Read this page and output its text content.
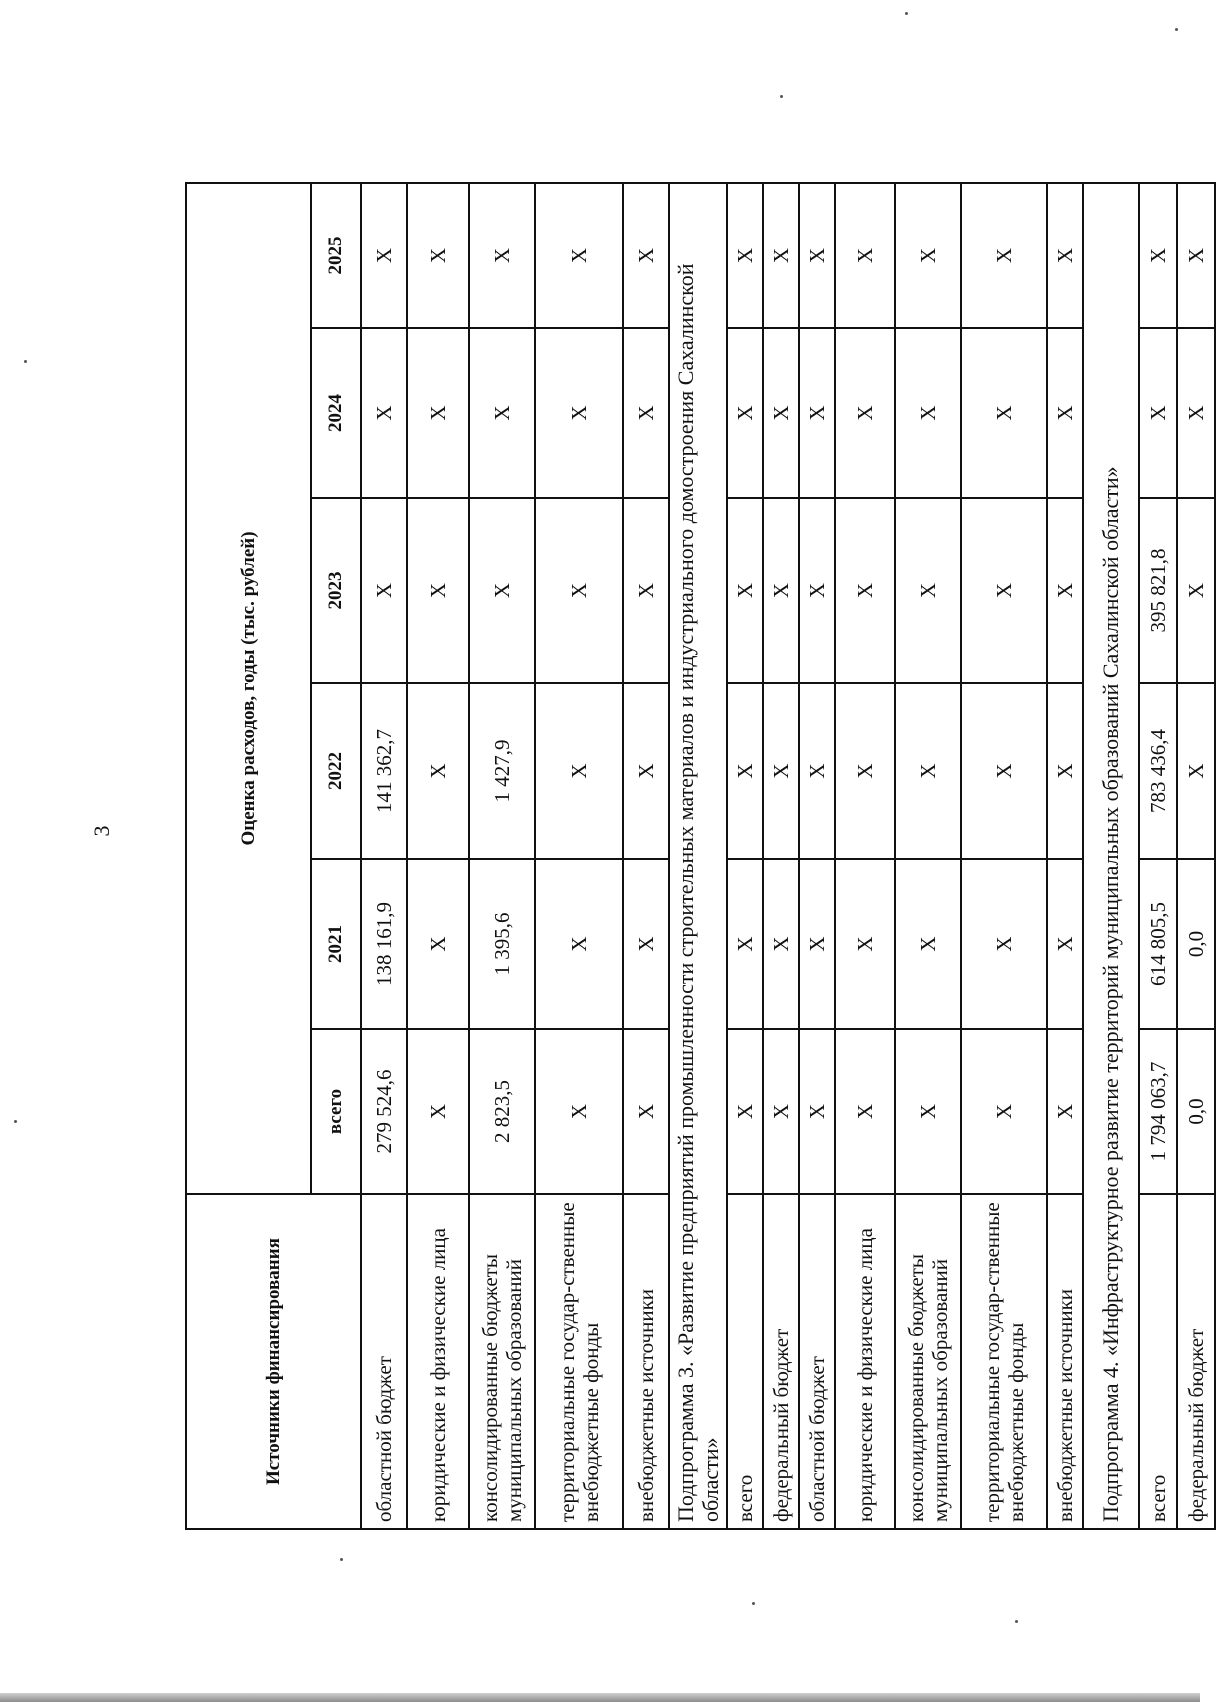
3
Источники финансирования	Оценка расходов, годы (тыс. рублей)					
	всего	2021	2022	2023	2024	2025
областной бюджет	279 524,6	138 161,9	141 362,7	X	X	X
юридические и физические лица	X	X	X	X	X	X
консолидированные бюджеты муниципальных образований	2 823,5	1 395,6	1 427,9	X	X	X
территориальные государ-ственные внебюджетные фонды	X	X	X	X	X	X
внебюджетные источники	X	X	X	X	X	X
Подпрограмма 3. «Развитие предприятий промышленности строительных материалов и индустриального домостроения Сахалинской области»						
всего	X	X	X	X	X	X
федеральный бюджет	X	X	X	X	X	X
областной бюджет	X	X	X	X	X	X
юридические и физические лица	X	X	X	X	X	X
консолидированные бюджеты муниципальных образований	X	X	X	X	X	X
территориальные государ-ственные внебюджетные фонды	X	X	X	X	X	X
внебюджетные источники	X	X	X	X	X	X
Подпрограмма 4. «Инфраструктурное развитие территорий муниципальных образований Сахалинской области»						
всего	1 794 063,7	614 805,5	783 436,4	395 821,8	X	X
федеральный бюджет	0,0	0,0	X	X	X	X
